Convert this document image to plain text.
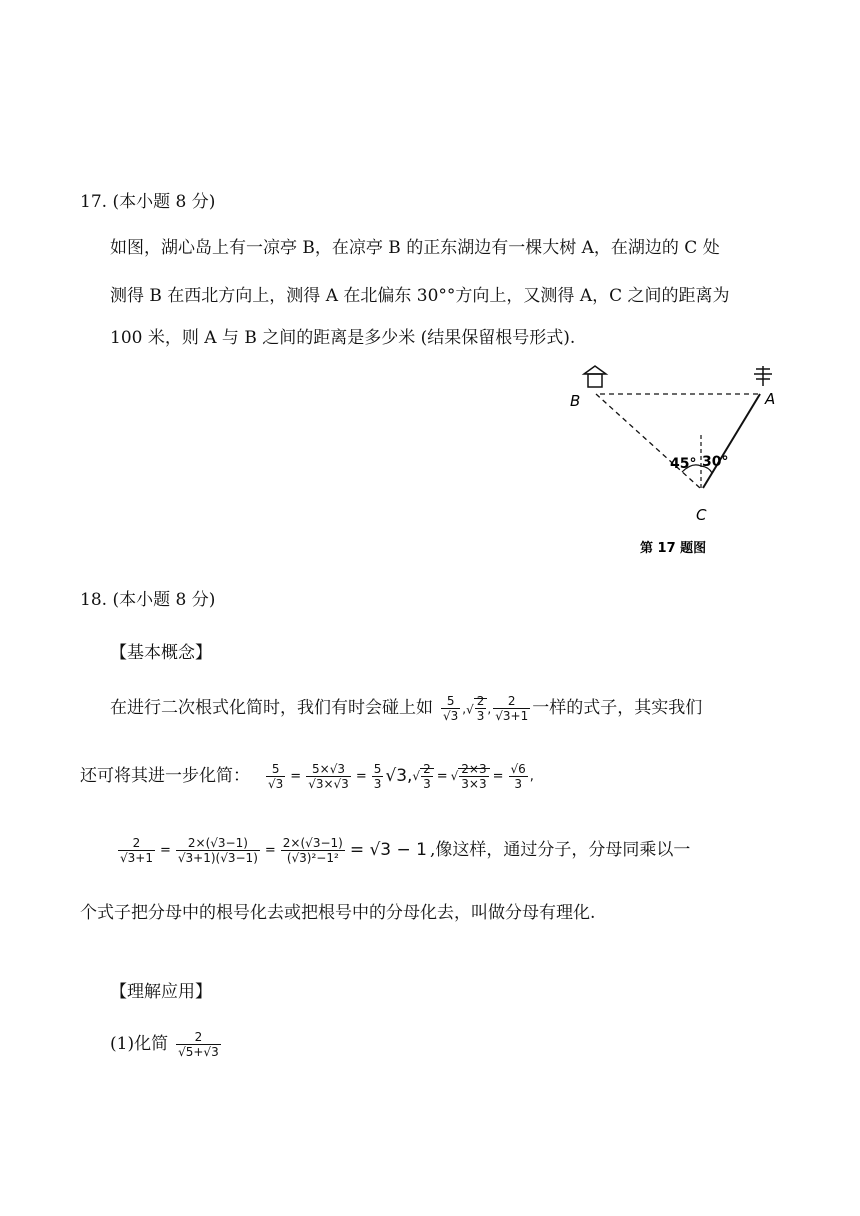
17. (本小题 8 分)
如图，湖心岛上有一凉亭 B，在凉亭 B 的正东湖边有一棵大树 A，在湖边的 C 处
测得 B 在西北方向上，测得 A 在北偏东 30°°方向上，又测得 A，C 之间的距离为
100 米，则 A 与 B 之间的距离是多少米 (结果保留根号形式).
B	A
C
45° 30°
第 17 题图
18. (本小题 8 分)
【基本概念】
在进行二次根式化简时，我们有时会碰上如 $\frac{5}{√3}$ , √ $\frac{2}{3}$ , $\frac{2}{√3+1}$ 一样的式子，其实我们
还可将其进一步化简： $\frac{5}{√3} = \frac{5\times√3}{√3\times√3} = \frac{5}{3} √3$, √ $\frac{2}{3}$ = √ $\frac{2\times 3}{3\times 3} = \frac{√6}{3}$ ,
$\frac{2}{√3+1} = \frac{2\times(√3-1)}{√3+1)(√3-1)} = \frac{2\times(√3-1)}{\text{(√3)²−1²}} = √3 - 1$ ,像这样，通过分子，分母同乘以一
个式子把分母中的根号化去或把根号中的分母化去，叫做分母有理化.
【理解应用】
(1)化简 $\frac{2}{√5+√3}$
